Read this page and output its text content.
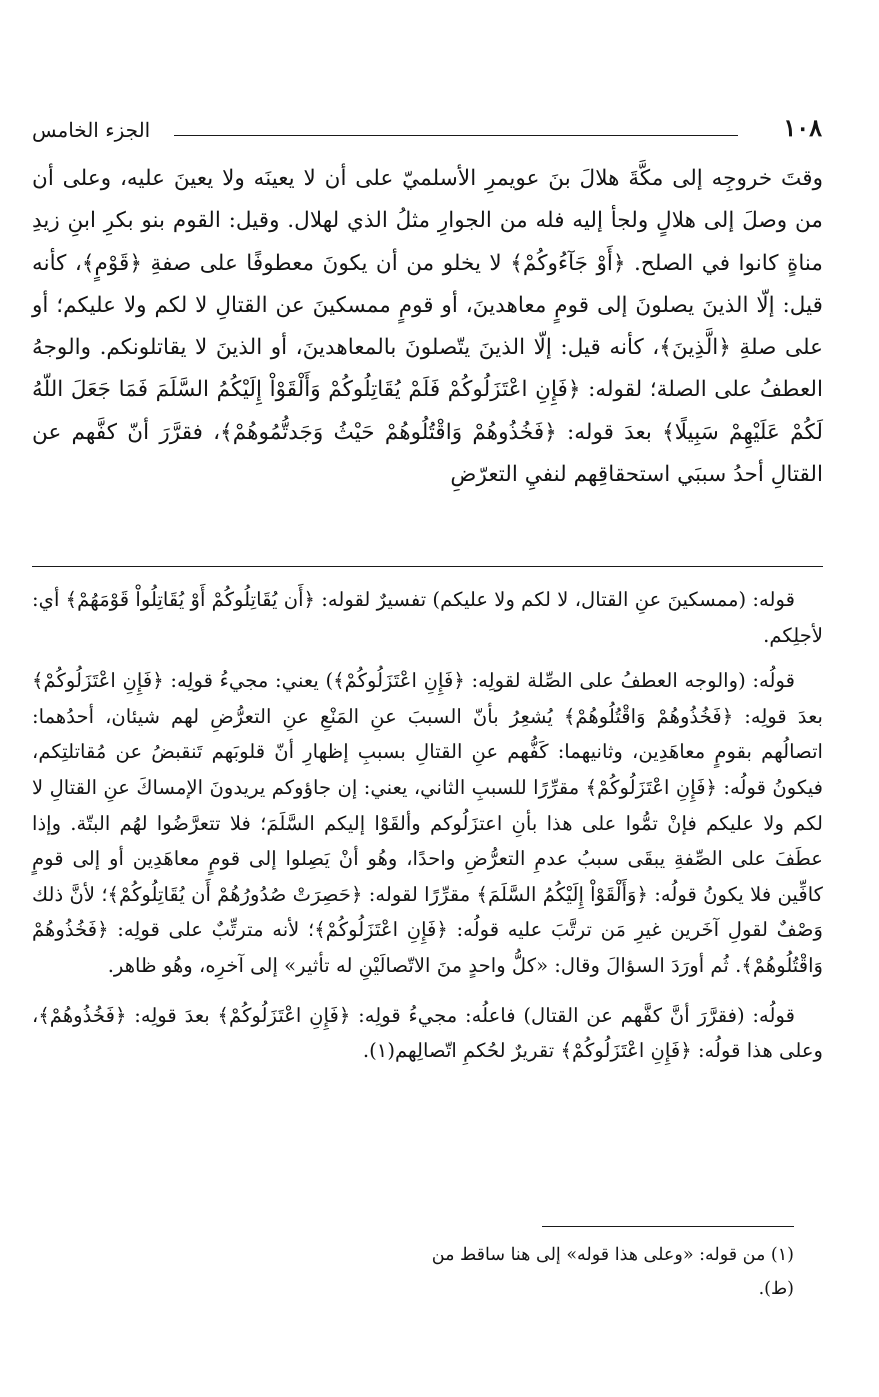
١٠٨
الجزء الخامس

وقتَ خروجِه إلى مكَّةَ هلالَ بنَ عويمرِ الأسلميّ على أن لا يعينَه ولا يعينَ عليه، وعلى أن من وصلَ إلى هلالٍ ولجأ إليه فله من الجوارِ مثلُ الذي لهلال. وقيل: القوم بنو بكرِ ابنِ زيدِ مناةٍ كانوا في الصلح. ﴿أَوْ جَآءُوكُمْ﴾ لا يخلو من أن يكونَ معطوفًا على صفةِ ﴿قَوْمٍ﴾، كأنه قيل: إلّا الذينَ يصلونَ إلى قومٍ معاهدينَ، أو قومٍ ممسكينَ عن القتالِ لا لكم ولا عليكم؛ أو على صلةِ ﴿الَّذِينَ﴾، كأنه قيل: إلّا الذينَ يتّصلونَ بالمعاهدينَ، أو الذينَ لا يقاتلونكم. والوجهُ العطفُ على الصلة؛ لقوله: ﴿فَإِنِ اعْتَزَلُوكُمْ فَلَمْ يُقَاتِلُوكُمْ وَأَلْقَوْاْ إِلَيْكُمُ السَّلَمَ فَمَا جَعَلَ اللّهُ لَكُمْ عَلَيْهِمْ سَبِيلًا﴾ بعدَ قوله: ﴿فَخُذُوهُمْ وَاقْتُلُوهُمْ حَيْثُ وَجَدتُّمُوهُمْ﴾، فقرَّرَ أنّ كفَّهم عن القتالِ أحدُ سببَي استحقاقِهم لنفيِ التعرّضِ

قوله: (ممسكينَ عنِ القتال، لا لكم ولا عليكم) تفسيرٌ لقوله: ﴿أَن يُقَاتِلُوكُمْ أَوْ يُقَاتِلُواْ قَوْمَهُمْ﴾ أي: لأجلِكم.

قولُه: (والوجه العطفُ على الصِّلة لقولِه: ﴿فَإِنِ اعْتَزَلُوكُمْ﴾) يعني: مجيءُ قولِه: ﴿فَإِنِ اعْتَزَلُوكُمْ﴾ بعدَ قولِه: ﴿فَخُذُوهُمْ وَاقْتُلُوهُمْ﴾ يُشعِرُ بأنّ السببَ عنِ المَنْعِ عنِ التعرُّضِ لهم شيئان، أحدُهما: اتصالُهم بقومٍ معاهَدِين، وثانيهما: كَفُّهم عنِ القتالِ بسببِ إظهارِ أنّ قلوبَهم تَنقبضُ عن مُقاتلتِكم، فيكونُ قولُه: ﴿فَإِنِ اعْتَزَلُوكُمْ﴾ مقرِّرًا للسببِ الثاني، يعني: إن جاؤوكم يريدونَ الإمساكَ عنِ القتالِ لا لكم ولا عليكم فإنْ تمُّوا على هذا بأنِ اعتزَلُوكم وألقَوْا إليكم السَّلَمَ؛ فلا تتعرَّضُوا لهُم البتّة. وإذا عطَفَ على الصِّفةِ يبقَى سببُ عدمِ التعرُّضِ واحدًا، وهُو أنْ يَصِلوا إلى قومٍ معاهَدِين أو إلى قومٍ كافِّين فلا يكونُ قولُه: ﴿وَأَلْقَوْاْ إِلَيْكُمُ السَّلَمَ﴾ مقرِّرًا لقوله: ﴿حَصِرَتْ صُدُورُهُمْ أَن يُقَاتِلُوكُمْ﴾؛ لأنَّ ذلك وَصْفٌ لقولِ آخَرين غيرِ مَن ترتَّبَ عليه قولُه: ﴿فَإِنِ اعْتَزَلُوكُمْ﴾؛ لأنه مترتِّبٌ على قولِه: ﴿فَخُذُوهُمْ وَاقْتُلُوهُمْ﴾. ثُم أورَدَ السؤالَ وقال: «كلُّ واحدٍ منَ الاتّصالَيْنِ له تأثير» إلى آخرِه، وهُو ظاهر.

قولُه: (فقرَّرَ أنَّ كفَّهم عن القتال) فاعلُه: مجيءُ قولِه: ﴿فَإِنِ اعْتَزَلُوكُمْ﴾ بعدَ قولِه: ﴿فَخُذُوهُمْ﴾، وعلى هذا قولُه: ﴿فَإِنِ اعْتَزَلُوكُمْ﴾ تقريرٌ لحُكمِ اتّصالِهم(١).

(١) من قوله: «وعلى هذا قوله» إلى هنا ساقط من (ط).
